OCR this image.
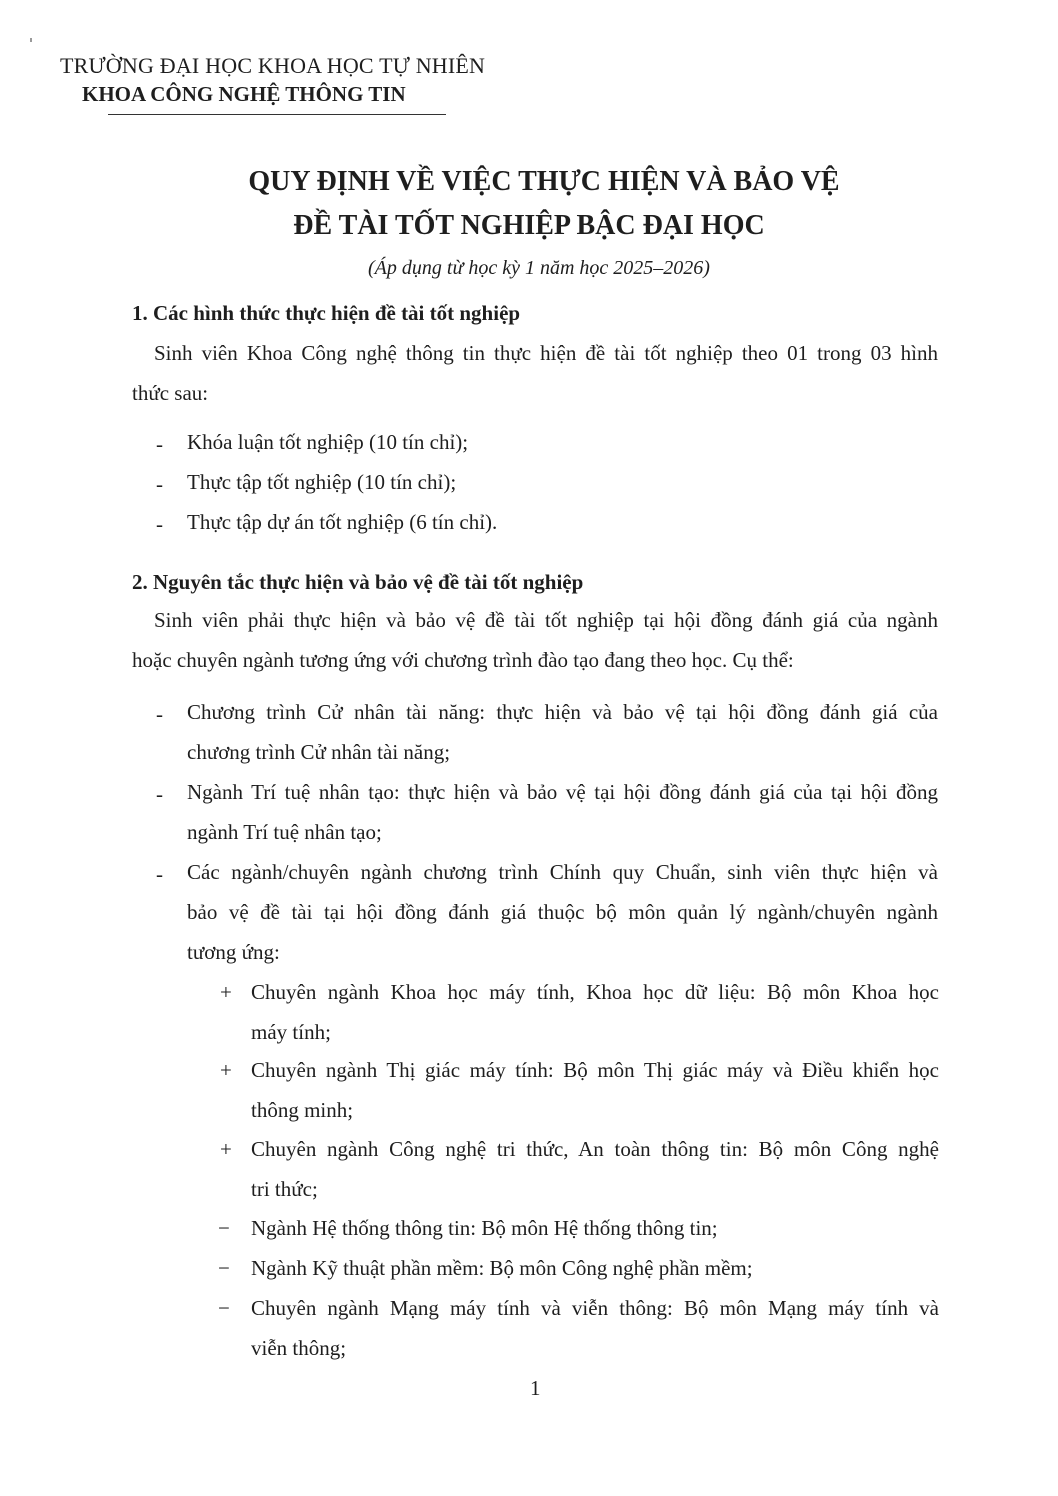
TRƯỜNG ĐẠI HỌC KHOA HỌC TỰ NHIÊN
KHOA CÔNG NGHỆ THÔNG TIN
QUY ĐỊNH VỀ VIỆC THỰC HIỆN VÀ BẢO VỆ
ĐỀ TÀI TỐT NGHIỆP BẬC ĐẠI HỌC
(Áp dụng từ học kỳ 1 năm học 2025–2026)
1. Các hình thức thực hiện đề tài tốt nghiệp
Sinh viên Khoa Công nghệ thông tin thực hiện đề tài tốt nghiệp theo 01 trong 03 hình
thức sau:
- Khóa luận tốt nghiệp (10 tín chỉ);
- Thực tập tốt nghiệp (10 tín chỉ);
- Thực tập dự án tốt nghiệp (6 tín chỉ).
2. Nguyên tắc thực hiện và bảo vệ đề tài tốt nghiệp
Sinh viên phải thực hiện và bảo vệ đề tài tốt nghiệp tại hội đồng đánh giá của ngành
hoặc chuyên ngành tương ứng với chương trình đào tạo đang theo học. Cụ thể:
- Chương trình Cử nhân tài năng: thực hiện và bảo vệ tại hội đồng đánh giá của
chương trình Cử nhân tài năng;
- Ngành Trí tuệ nhân tạo: thực hiện và bảo vệ tại hội đồng đánh giá của tại hội đồng
ngành Trí tuệ nhân tạo;
- Các ngành/chuyên ngành chương trình Chính quy Chuẩn, sinh viên thực hiện và
bảo vệ đề tài tại hội đồng đánh giá thuộc bộ môn quản lý ngành/chuyên ngành
tương ứng:
+ Chuyên ngành Khoa học máy tính, Khoa học dữ liệu: Bộ môn Khoa học
máy tính;
+ Chuyên ngành Thị giác máy tính: Bộ môn Thị giác máy và Điều khiển học
thông minh;
+ Chuyên ngành Công nghệ tri thức, An toàn thông tin: Bộ môn Công nghệ
tri thức;
− Ngành Hệ thống thông tin: Bộ môn Hệ thống thông tin;
− Ngành Kỹ thuật phần mềm: Bộ môn Công nghệ phần mềm;
− Chuyên ngành Mạng máy tính và viễn thông: Bộ môn Mạng máy tính và
viễn thông;
1
